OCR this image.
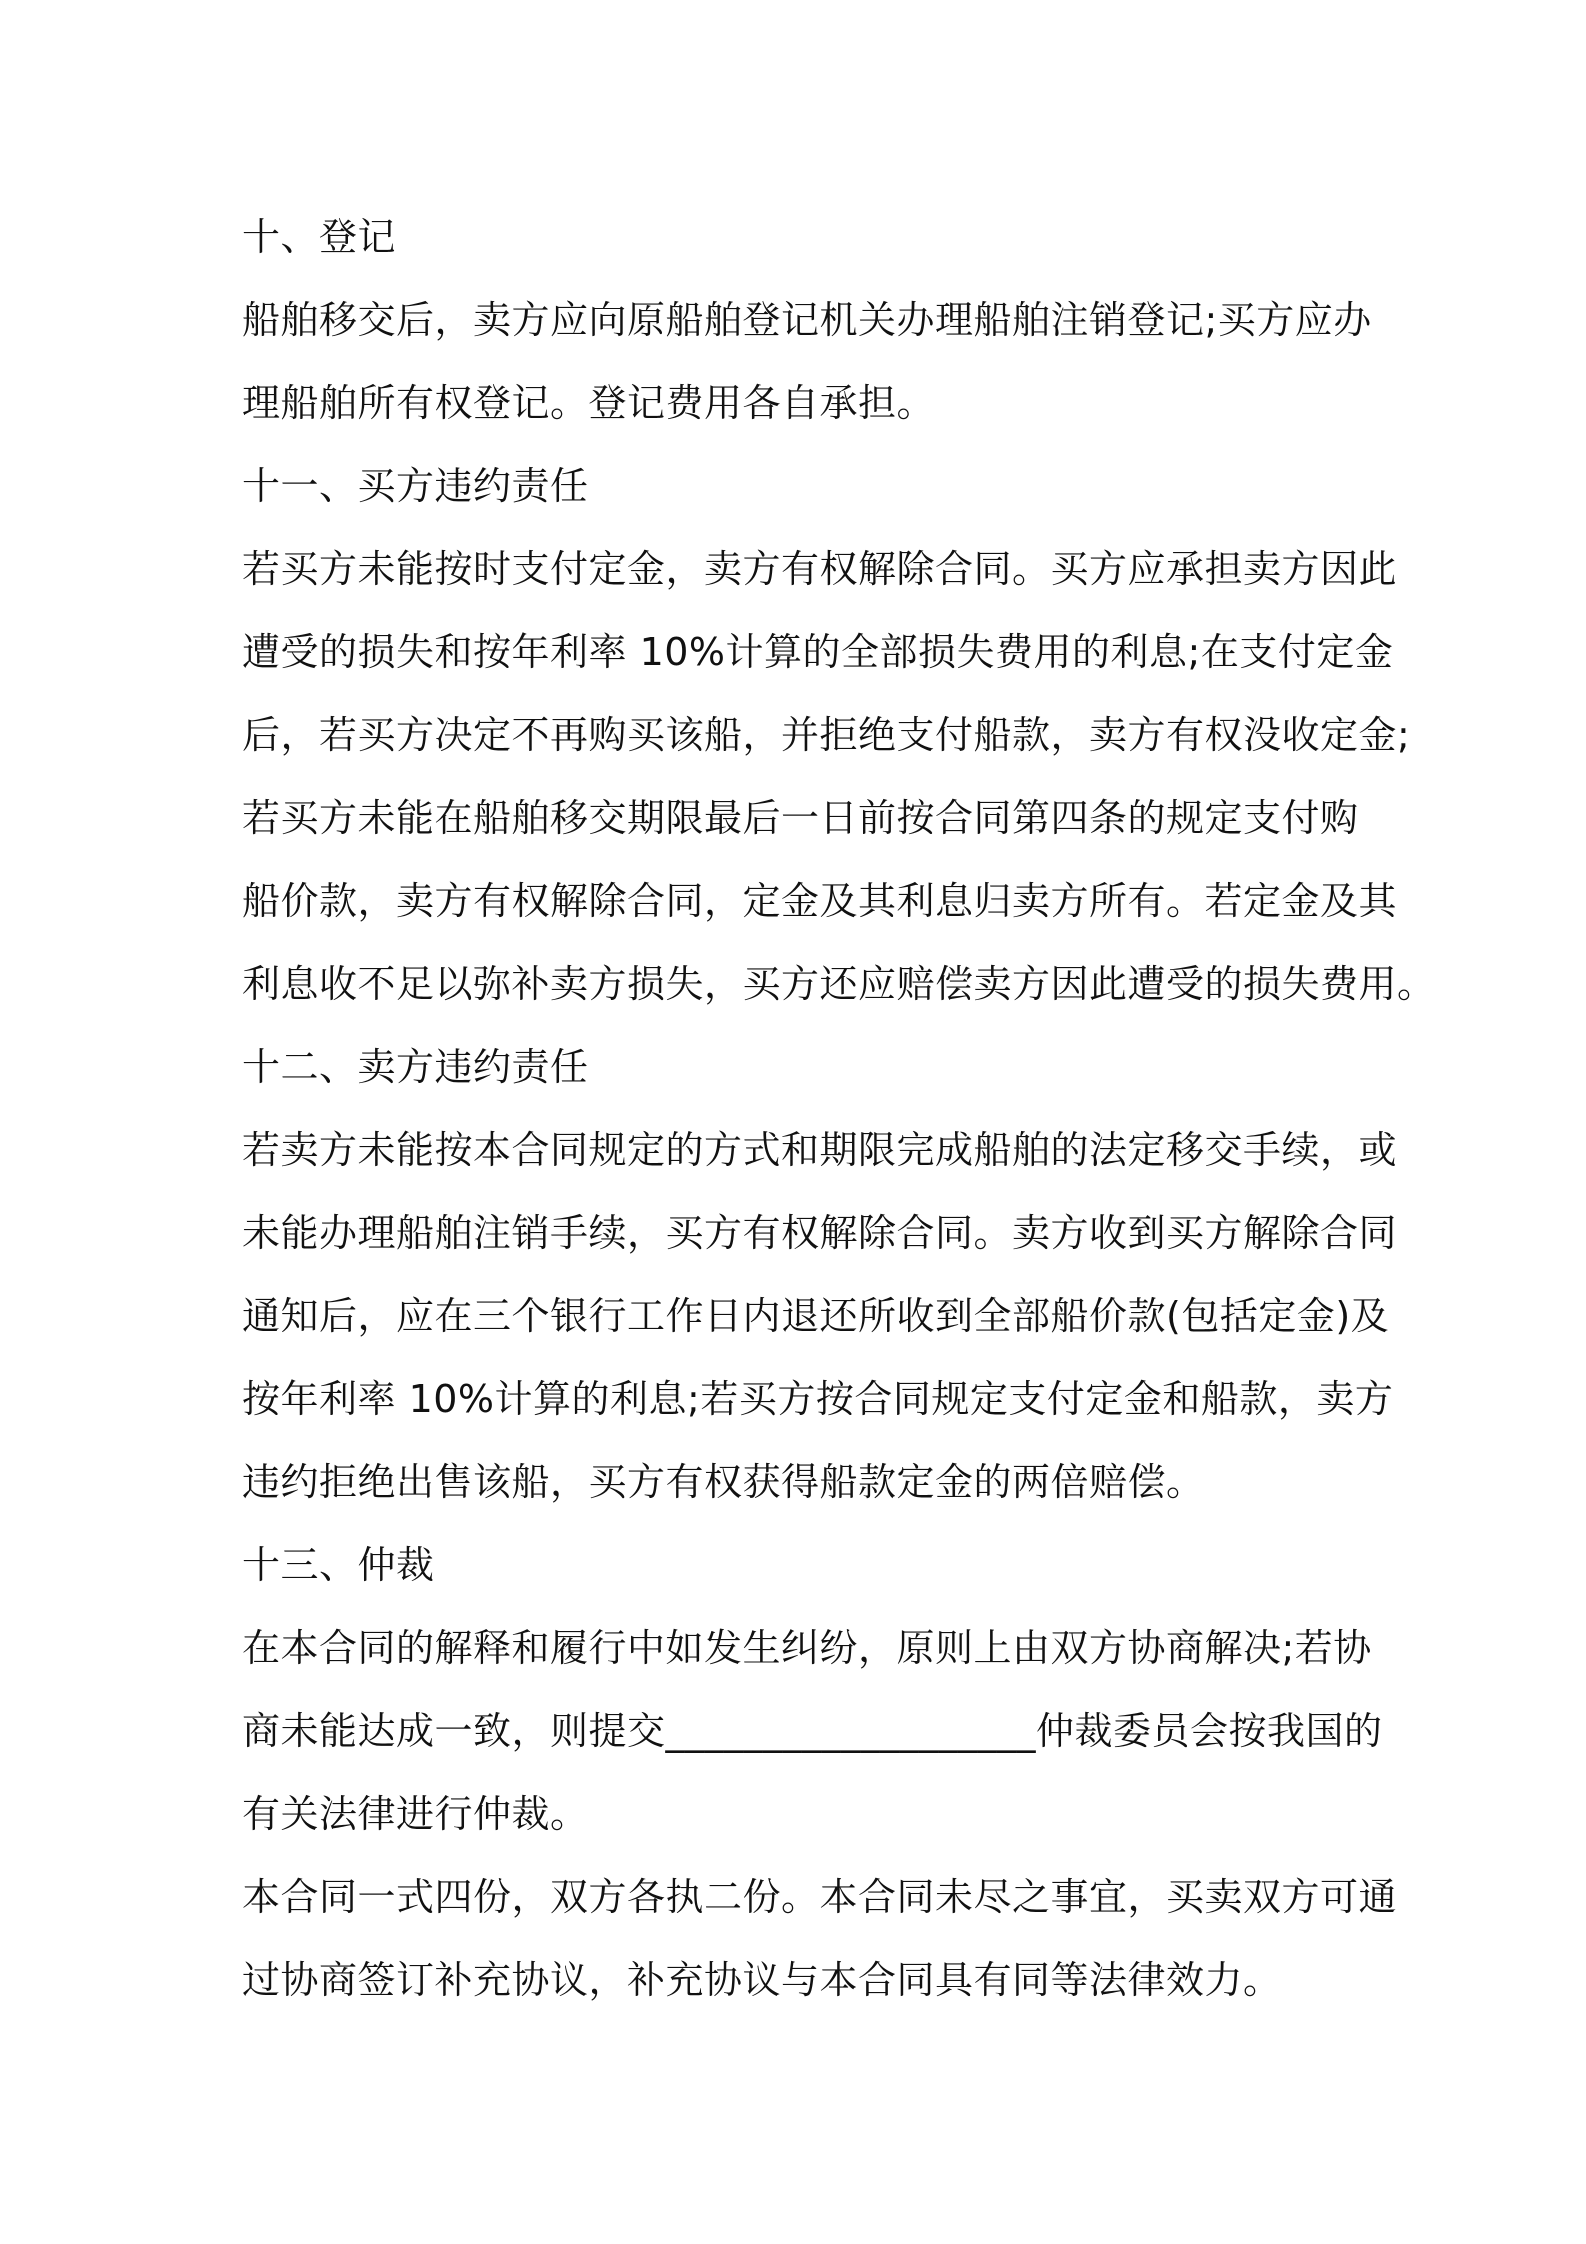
十、登记
船舶移交后，卖方应向原船舶登记机关办理船舶注销登记;买方应办
理船舶所有权登记。登记费用各自承担。
十一、买方违约责任
若买方未能按时支付定金，卖方有权解除合同。买方应承担卖方因此
遭受的损失和按年利率 10%计算的全部损失费用的利息;在支付定金
后，若买方决定不再购买该船，并拒绝支付船款，卖方有权没收定金;
若买方未能在船舶移交期限最后一日前按合同第四条的规定支付购
船价款，卖方有权解除合同，定金及其利息归卖方所有。若定金及其
利息收不足以弥补卖方损失，买方还应赔偿卖方因此遭受的损失费用。
十二、卖方违约责任
若卖方未能按本合同规定的方式和期限完成船舶的法定移交手续，或
未能办理船舶注销手续，买方有权解除合同。卖方收到买方解除合同
通知后，应在三个银行工作日内退还所收到全部船价款(包括定金)及
按年利率 10%计算的利息;若买方按合同规定支付定金和船款，卖方
违约拒绝出售该船，买方有权获得船款定金的两倍赔偿。
十三、仲裁
在本合同的解释和履行中如发生纠纷，原则上由双方协商解决;若协
商未能达成一致，则提交___________________仲裁委员会按我国的
有关法律进行仲裁。
本合同一式四份，双方各执二份。本合同未尽之事宜，买卖双方可通
过协商签订补充协议，补充协议与本合同具有同等法律效力。
